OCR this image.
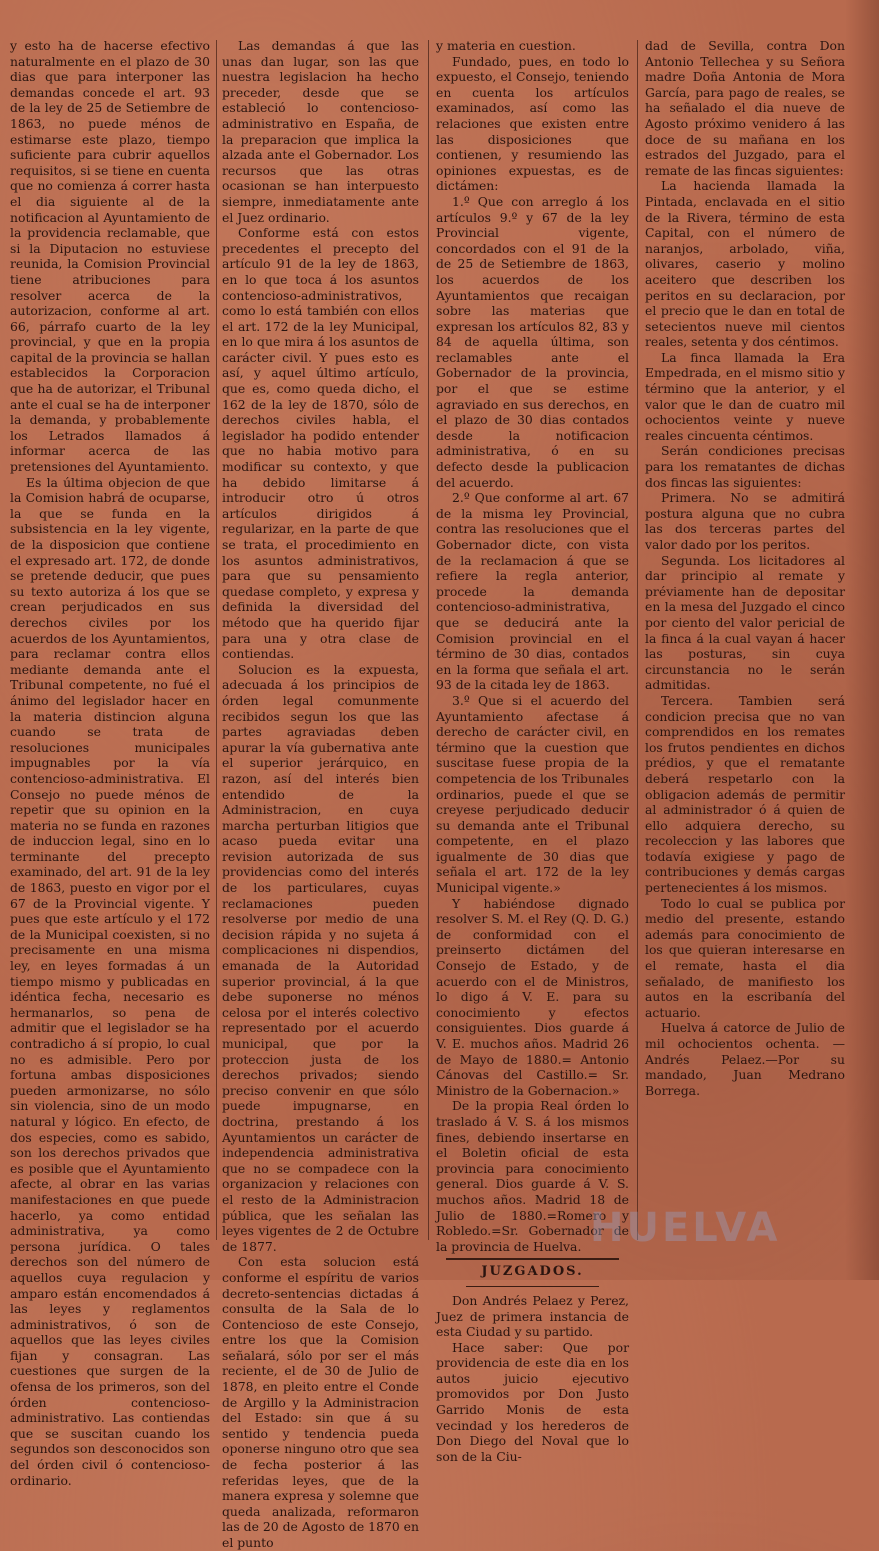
y esto ha de hacerse efectivo naturalmente en el plazo de 30 dias que para interponer las demandas concede el art. 93 de la ley de 25 de Setiembre de 1863, no puede ménos de estimarse este plazo, tiempo suficiente para cubrir aquellos requisitos, si se tiene en cuenta que no comienza á correr hasta el dia siguiente al de la notificacion al Ayuntamiento de la providencia reclamable, que si la Diputacion no estuviese reunida, la Comision Provincial tiene atribuciones para resolver acerca de la autorizacion, conforme al art. 66, párrafo cuarto de la ley provincial, y que en la propia capital de la provincia se hallan establecidos la Corporacion que ha de autorizar, el Tribunal ante el cual se ha de interponer la demanda, y probablemente los Letrados llamados á informar acerca de las pretensiones del Ayuntamiento.

Es la última objecion de que la Comision habrá de ocuparse, la que se funda en la subsistencia en la ley vigente, de la disposicion que contiene el expresado art. 172, de donde se pretende deducir, que pues su texto autoriza á los que se crean perjudicados en sus derechos civiles por los acuerdos de los Ayuntamientos, para reclamar contra ellos mediante demanda ante el Tribunal competente, no fué el ánimo del legislador hacer en la materia distincion alguna cuando se trata de resoluciones municipales impugnables por la vía contencioso-administrativa. El Consejo no puede ménos de repetir que su opinion en la materia no se funda en razones de induccion legal, sino en lo terminante del precepto examinado, del art. 91 de la ley de 1863, puesto en vigor por el 67 de la Provincial vigente. Y pues que este artículo y el 172 de la Municipal coexisten, si no precisamente en una misma ley, en leyes formadas á un tiempo mismo y publicadas en idéntica fecha, necesario es hermanarlos, so pena de admitir que el legislador se ha contradicho á sí propio, lo cual no es admisible. Pero por fortuna ambas disposiciones pueden armonizarse, no sólo sin violencia, sino de un modo natural y lógico. En efecto, de dos especies, como es sabido, son los derechos privados que es posible que el Ayuntamiento afecte, al obrar en las varias manifestaciones en que puede hacerlo, ya como entidad administrativa, ya como persona jurídica. O tales derechos son del número de aquellos cuya regulacion y amparo están encomendados á las leyes y reglamentos administrativos, ó son de aquellos que las leyes civiles fijan y consagran. Las cuestiones que surgen de la ofensa de los primeros, son del órden contencioso-administrativo. Las contiendas que se suscitan cuando los segundos son desconocidos son del órden civil ó contencioso-ordinario.

Las demandas á que las unas dan lugar, son las que nuestra legislacion ha hecho preceder, desde que se estableció lo contencioso-administrativo en España, de la preparacion que implica la alzada ante el Gobernador. Los recursos que las otras ocasionan se han interpuesto siempre, inmediatamente ante el Juez ordinario.

Conforme está con estos precedentes el precepto del artículo 91 de la ley de 1863, en lo que toca á los asuntos contencioso-administrativos, como lo está también con ellos el art. 172 de la ley Municipal, en lo que mira á los asuntos de carácter civil. Y pues esto es así, y aquel último artículo, que es, como queda dicho, el 162 de la ley de 1870, sólo de derechos civiles habla, el legislador ha podido entender que no habia motivo para modificar su contexto, y que ha debido limitarse á introducir otro ú otros artículos dirigidos á regularizar, en la parte de que se trata, el procedimiento en los asuntos administrativos, para que su pensamiento quedase completo, y expresa y definida la diversidad del método que ha querido fijar para una y otra clase de contiendas.

Solucion es la expuesta, adecuada á los principios de órden legal comunmente recibidos segun los que las partes agraviadas deben apurar la vía gubernativa ante el superior jerárquico, en razon, así del interés bien entendido de la Administracion, en cuya marcha perturban litigios que acaso pueda evitar una revision autorizada de sus providencias como del interés de los particulares, cuyas reclamaciones pueden resolverse por medio de una decision rápida y no sujeta á complicaciones ni dispendios, emanada de la Autoridad superior provincial, á la que debe suponerse no ménos celosa por el interés colectivo representado por el acuerdo municipal, que por la proteccion justa de los derechos privados; siendo preciso convenir en que sólo puede impugnarse, en doctrina, prestando á los Ayuntamientos un carácter de independencia administrativa que no se compadece con la organizacion y relaciones con el resto de la Administracion pública, que les señalan las leyes vigentes de 2 de Octubre de 1877.

Con esta solucion está conforme el espíritu de varios decreto-sentencias dictadas á consulta de la Sala de lo Contencioso de este Consejo, entre los que la Comision señalará, sólo por ser el más reciente, el de 30 de Julio de 1878, en pleito entre el Conde de Argillo y la Administracion del Estado: sin que á su sentido y tendencia pueda oponerse ninguno otro que sea de fecha posterior á las referidas leyes, que de la manera expresa y solemne que queda analizada, reformaron las de 20 de Agosto de 1870 en el punto

y materia en cuestion.

Fundado, pues, en todo lo expuesto, el Consejo, teniendo en cuenta los artículos examinados, así como las relaciones que existen entre las disposiciones que contienen, y resumiendo las opiniones expuestas, es de dictámen:

1.º Que con arreglo á los artículos 9.º y 67 de la ley Provincial vigente, concordados con el 91 de la de 25 de Setiembre de 1863, los acuerdos de los Ayuntamientos que recaigan sobre las materias que expresan los artículos 82, 83 y 84 de aquella última, son reclamables ante el Gobernador de la provincia, por el que se estime agraviado en sus derechos, en el plazo de 30 dias contados desde la notificacion administrativa, ó en su defecto desde la publicacion del acuerdo.

2.º Que conforme al art. 67 de la misma ley Provincial, contra las resoluciones que el Gobernador dicte, con vista de la reclamacion á que se refiere la regla anterior, procede la demanda contencioso-administrativa, que se deducirá ante la Comision provincial en el término de 30 dias, contados en la forma que señala el art. 93 de la citada ley de 1863.

3.º Que si el acuerdo del Ayuntamiento afectase á derecho de carácter civil, en término que la cuestion que suscitase fuese propia de la competencia de los Tribunales ordinarios, puede el que se creyese perjudicado deducir su demanda ante el Tribunal competente, en el plazo igualmente de 30 dias que señala el art. 172 de la ley Municipal vigente.»

Y habiéndose dignado resolver S. M. el Rey (Q. D. G.) de conformidad con el preinserto dictámen del Consejo de Estado, y de acuerdo con el de Ministros, lo digo á V. E. para su conocimiento y efectos consiguientes. Dios guarde á V. E. muchos años. Madrid 26 de Mayo de 1880.= Antonio Cánovas del Castillo.= Sr. Ministro de la Gobernacion.»

De la propia Real órden lo traslado á V. S. á los mismos fines, debiendo insertarse en el Boletin oficial de esta provincia para conocimiento general. Dios guarde á V. S. muchos años. Madrid 18 de Julio de 1880.=Romero y Robledo.=Sr. Gobernador de la provincia de Huelva.

JUZGADOS.

Don Andrés Pelaez y Perez, Juez de primera instancia de esta Ciudad y su partido.

Hace saber: Que por providencia de este dia en los autos juicio ejecutivo promovidos por Don Justo Garrido Monis de esta vecindad y los herederos de Don Diego del Noval que lo son de la Ciu-

dad de Sevilla, contra Don Antonio Tellechea y su Señora madre Doña Antonia de Mora García, para pago de reales, se ha señalado el dia nueve de Agosto próximo venidero á las doce de su mañana en los estrados del Juzgado, para el remate de las fincas siguientes:

La hacienda llamada la Pintada, enclavada en el sitio de la Rivera, término de esta Capital, con el número de naranjos, arbolado, viña, olivares, caserio y molino aceitero que describen los peritos en su declaracion, por el precio que le dan en total de setecientos nueve mil cientos reales, setenta y dos céntimos.

La finca llamada la Era Empedrada, en el mismo sitio y término que la anterior, y el valor que le dan de cuatro mil ochocientos veinte y nueve reales cincuenta céntimos.

Serán condiciones precisas para los rematantes de dichas dos fincas las siguientes:

Primera. No se admitirá postura alguna que no cubra las dos terceras partes del valor dado por los peritos.

Segunda. Los licitadores al dar principio al remate y préviamente han de depositar en la mesa del Juzgado el cinco por ciento del valor pericial de la finca á la cual vayan á hacer las posturas, sin cuya circunstancia no le serán admitidas.

Tercera. Tambien será condicion precisa que no van comprendidos en los remates los frutos pendientes en dichos prédios, y que el rematante deberá respetarlo con la obligacion además de permitir al administrador ó á quien de ello adquiera derecho, su recoleccion y las labores que todavía exigiese y pago de contribuciones y demás cargas pertenecientes á los mismos.

Todo lo cual se publica por medio del presente, estando además para conocimiento de los que quieran interesarse en el remate, hasta el dia señalado, de manifiesto los autos en la escribanía del actuario.

Huelva á catorce de Julio de mil ochocientos ochenta. —Andrés Pelaez.—Por su mandado, Juan Medrano Borrega.

HUELVA
